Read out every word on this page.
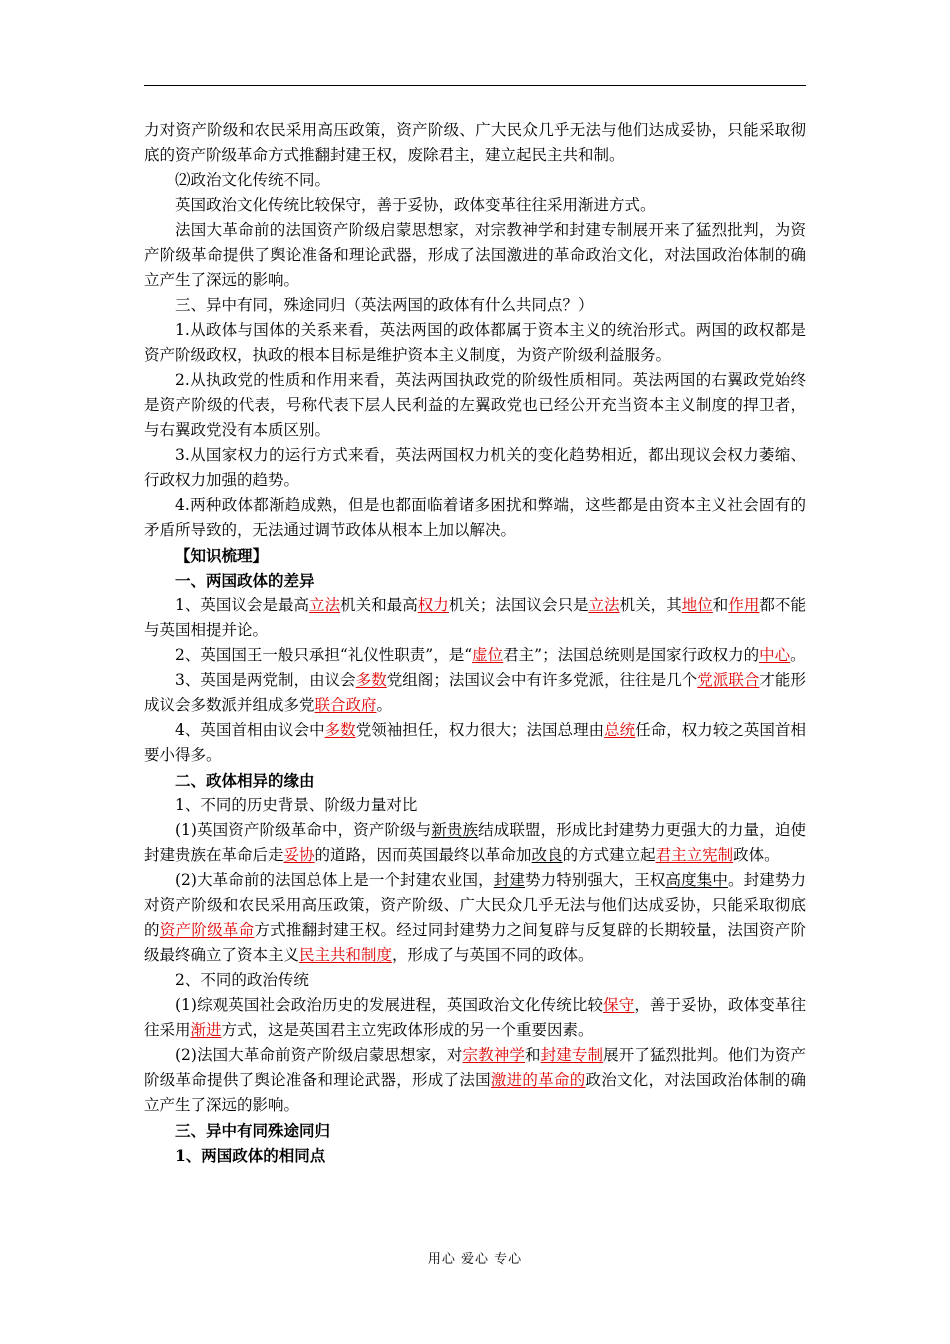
力对资产阶级和农民采用高压政策，资产阶级、广大民众几乎无法与他们达成妥协，只能采取彻底的资产阶级革命方式推翻封建王权，废除君主，建立起民主共和制。

⑵政治文化传统不同。

英国政治文化传统比较保守，善于妥协，政体变革往往采用渐进方式。

法国大革命前的法国资产阶级启蒙思想家，对宗教神学和封建专制展开来了猛烈批判，为资产阶级革命提供了舆论准备和理论武器，形成了法国激进的革命政治文化，对法国政治体制的确立产生了深远的影响。

三、异中有同，殊途同归（英法两国的政体有什么共同点？）

1.从政体与国体的关系来看，英法两国的政体都属于资本主义的统治形式。两国的政权都是资产阶级政权，执政的根本目标是维护资本主义制度，为资产阶级利益服务。

2.从执政党的性质和作用来看，英法两国执政党的阶级性质相同。英法两国的右翼政党始终是资产阶级的代表，号称代表下层人民利益的左翼政党也已经公开充当资本主义制度的捍卫者，与右翼政党没有本质区别。

3.从国家权力的运行方式来看，英法两国权力机关的变化趋势相近，都出现议会权力萎缩、行政权力加强的趋势。

4.两种政体都渐趋成熟，但是也都面临着诸多困扰和弊端，这些都是由资本主义社会固有的矛盾所导致的，无法通过调节政体从根本上加以解决。

【知识梳理】

一、两国政体的差异

1、英国议会是最高立法机关和最高权力机关；法国议会只是立法机关，其地位和作用都不能与英国相提并论。

2、英国国王一般只承担“礼仪性职责”，是“虚位君主”；法国总统则是国家行政权力的中心。

3、英国是两党制，由议会多数党组阁；法国议会中有许多党派，往往是几个党派联合才能形成议会多数派并组成多党联合政府。

4、英国首相由议会中多数党领袖担任，权力很大；法国总理由总统任命，权力较之英国首相要小得多。

二、政体相异的缘由

1、不同的历史背景、阶级力量对比

(1)英国资产阶级革命中，资产阶级与新贵族结成联盟，形成比封建势力更强大的力量，迫使封建贵族在革命后走妥协的道路，因而英国最终以革命加改良的方式建立起君主立宪制政体。

(2)大革命前的法国总体上是一个封建农业国，封建势力特别强大，王权高度集中。封建势力对资产阶级和农民采用高压政策，资产阶级、广大民众几乎无法与他们达成妥协，只能采取彻底的资产阶级革命方式推翻封建王权。经过同封建势力之间复辟与反复辟的长期较量，法国资产阶级最终确立了资本主义民主共和制度，形成了与英国不同的政体。

2、不同的政治传统

(1)综观英国社会政治历史的发展进程，英国政治文化传统比较保守，善于妥协，政体变革往往采用渐进方式，这是英国君主立宪政体形成的另一个重要因素。

(2)法国大革命前资产阶级启蒙思想家，对宗教神学和封建专制展开了猛烈批判。他们为资产阶级革命提供了舆论准备和理论武器，形成了法国激进的革命的政治文化，对法国政治体制的确立产生了深远的影响。

三、异中有同殊途同归

1、两国政体的相同点

用心 爱心 专心
